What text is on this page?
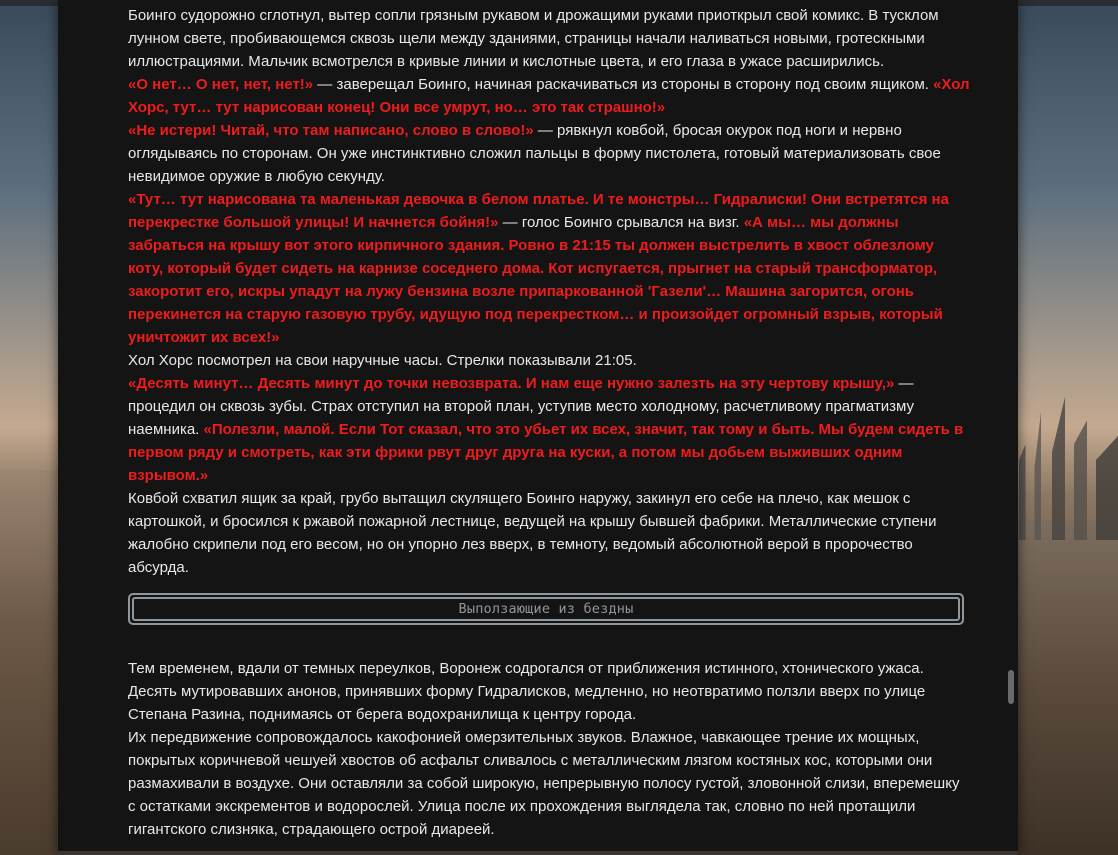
Боинго судорожно сглотнул, вытер сопли грязным рукавом и дрожащими руками приоткрыл свой комикс. В тусклом лунном свете, пробивающемся сквозь щели между зданиями, страницы начали наливаться новыми, гротескными иллюстрациями. Мальчик всмотрелся в кривые линии и кислотные цвета, и его глаза в ужасе расширились.

«О нет… О нет, нет, нет!» — заверещал Боинго, начиная раскачиваться из стороны в сторону под своим ящиком. «Хол Хорс, тут… тут нарисован конец! Они все умрут, но… это так страшно!»

«Не истери! Читай, что там написано, слово в слово!» — рявкнул ковбой, бросая окурок под ноги и нервно оглядываясь по сторонам. Он уже инстинктивно сложил пальцы в форму пистолета, готовый материализовать свое невидимое оружие в любую секунду.

«Тут… тут нарисована та маленькая девочка в белом платье. И те монстры… Гидралиски! Они встретятся на перекрестке большой улицы! И начнется бойня!» — голос Боинго срывался на визг. «А мы… мы должны забраться на крышу вот этого кирпичного здания. Ровно в 21:15 ты должен выстрелить в хвост облезлому коту, который будет сидеть на карнизе соседнего дома. Кот испугается, прыгнет на старый трансформатор, закоротит его, искры упадут на лужу бензина возле припаркованной 'Газели'… Машина загорится, огонь перекинется на старую газовую трубу, идущую под перекрестком… и произойдет огромный взрыв, который уничтожит их всех!»

Хол Хорс посмотрел на свои наручные часы. Стрелки показывали 21:05.

«Десять минут… Десять минут до точки невозврата. И нам еще нужно залезть на эту чертову крышу,» — процедил он сквозь зубы. Страх отступил на второй план, уступив место холодному, расчетливому прагматизму наемника. «Полезли, малой. Если Тот сказал, что это убьет их всех, значит, так тому и быть. Мы будем сидеть в первом ряду и смотреть, как эти фрики рвут друг друга на куски, а потом мы добьем выживших одним взрывом.»

Ковбой схватил ящик за край, грубо вытащил скулящего Боинго наружу, закинул его себе на плечо, как мешок с картошкой, и бросился к ржавой пожарной лестнице, ведущей на крышу бывшей фабрики. Металлические ступени жалобно скрипели под его весом, но он упорно лез вверх, в темноту, ведомый абсолютной верой в пророчество абсурда.

Выползающие из бездны

Тем временем, вдали от темных переулков, Воронеж содрогался от приближения истинного, хтонического ужаса. Десять мутировавших анонов, принявших форму Гидралисков, медленно, но неотвратимо ползли вверх по улице Степана Разина, поднимаясь от берега водохранилища к центру города.

Их передвижение сопровождалось какофонией омерзительных звуков. Влажное, чавкающее трение их мощных, покрытых коричневой чешуей хвостов об асфальт сливалось с металлическим лязгом костяных кос, которыми они размахивали в воздухе. Они оставляли за собой широкую, непрерывную полосу густой, зловонной слизи, вперемешку с остатками экскрементов и водорослей. Улица после их прохождения выглядела так, словно по ней протащили гигантского слизняка, страдающего острой диареей.
